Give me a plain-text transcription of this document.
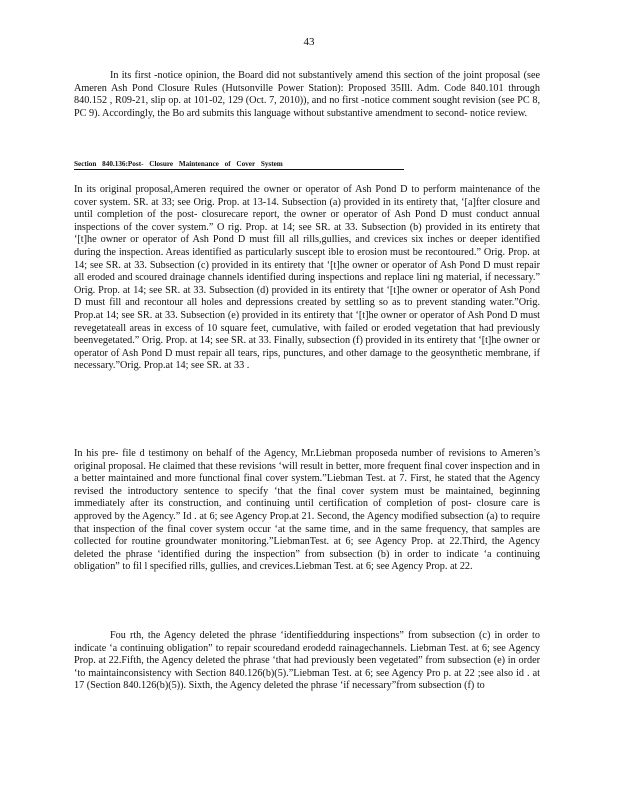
43

In its first -notice opinion, the Board did not substantively amend this section of the joint proposal (see Ameren Ash Pond Closure Rules (Hutsonville Power Station): Proposed 35Ill. Adm. Code 840.101 through 840.152 , R09-21, slip op. at 101-02, 129 (Oct. 7, 2010)), and no first -notice comment sought revision (see PC 8, PC 9). Accordingly, the Bo ard submits this language without substantive amendment to second- notice review.

Section 840.136:Post- Closure Maintenance of Cover System

In its original proposal,Ameren required the owner or operator of Ash Pond D to perform maintenance of the cover system. SR. at 33; see Orig. Prop. at 13-14. Subsection (a) provided in its entirety that, ‘[a]fter closure and until completion of the post- closurecare report, the owner or operator of Ash Pond D must conduct annual inspections of the cover system.” O rig. Prop. at 14; see SR. at 33. Subsection (b) provided in its entirety that ‘[t]he owner or operator of Ash Pond D must fill all rills,gullies, and crevices six inches or deeper identified during the inspection. Areas identified as particularly suscept ible to erosion must be recontoured.” Orig. Prop. at 14; see SR. at 33. Subsection (c) provided in its entirety that ‘[t]he owner or operator of Ash Pond D must repair all eroded and scoured drainage channels identified during inspections and replace lini ng material, if necessary.” Orig. Prop. at 14; see SR. at 33. Subsection (d) provided in its entirety that ‘[t]he owner or operator of Ash Pond D must fill and recontour all holes and depressions created by settling so as to prevent standing water.”Orig. Prop.at 14; see SR. at 33. Subsection (e) provided in its entirety that ‘[t]he owner or operator of Ash Pond D must revegetateall areas in excess of 10 square feet, cumulative, with failed or eroded vegetation that had previously beenvegetated.” Orig. Prop. at 14; see SR. at 33. Finally, subsection (f) provided in its entirety that ‘[t]he owner or operator of Ash Pond D must repair all tears, rips, punctures, and other damage to the geosynthetic membrane, if necessary.”Orig. Prop.at 14; see SR. at 33 .

In his pre- file d testimony on behalf of the Agency, Mr.Liebman proposeda number of revisions to Ameren’s original proposal. He claimed that these revisions ‘will result in better, more frequent final cover inspection and in a better maintained and more functional final cover system.”Liebman Test. at 7. First, he stated that the Agency revised the introductory sentence to specify ‘that the final cover system must be maintained, beginning immediately after its construction, and continuing until certification of completion of post- closure care is approved by the Agency.” Id . at 6; see Agency Prop.at 21. Second, the Agency modified subsection (a) to require that inspection of the final cover system occur ‘at the same time, and in the same frequency, that samples are collected for routine groundwater monitoring.”LiebmanTest. at 6; see Agency Prop. at 22.Third, the Agency deleted the phrase ‘identified during the inspection” from subsection (b) in order to indicate ‘a continuing obligation” to fil l specified rills, gullies, and crevices.Liebman Test. at 6; see Agency Prop. at 22.

Fou rth, the Agency deleted the phrase ‘identifiedduring inspections” from subsection (c) in order to indicate ‘a continuing obligation” to repair scouredand erodedd rainagechannels. Liebman Test. at 6; see Agency Prop. at 22.Fifth, the Agency deleted the phrase ‘that had previously been vegetated” from subsection (e) in order ‘to maintainconsistency with Section 840.126(b)(5).”Liebman Test. at 6; see Agency Pro p. at 22 ;see also id . at 17 (Section 840.126(b)(5)). Sixth, the Agency deleted the phrase ‘if necessary”from subsection (f) to
